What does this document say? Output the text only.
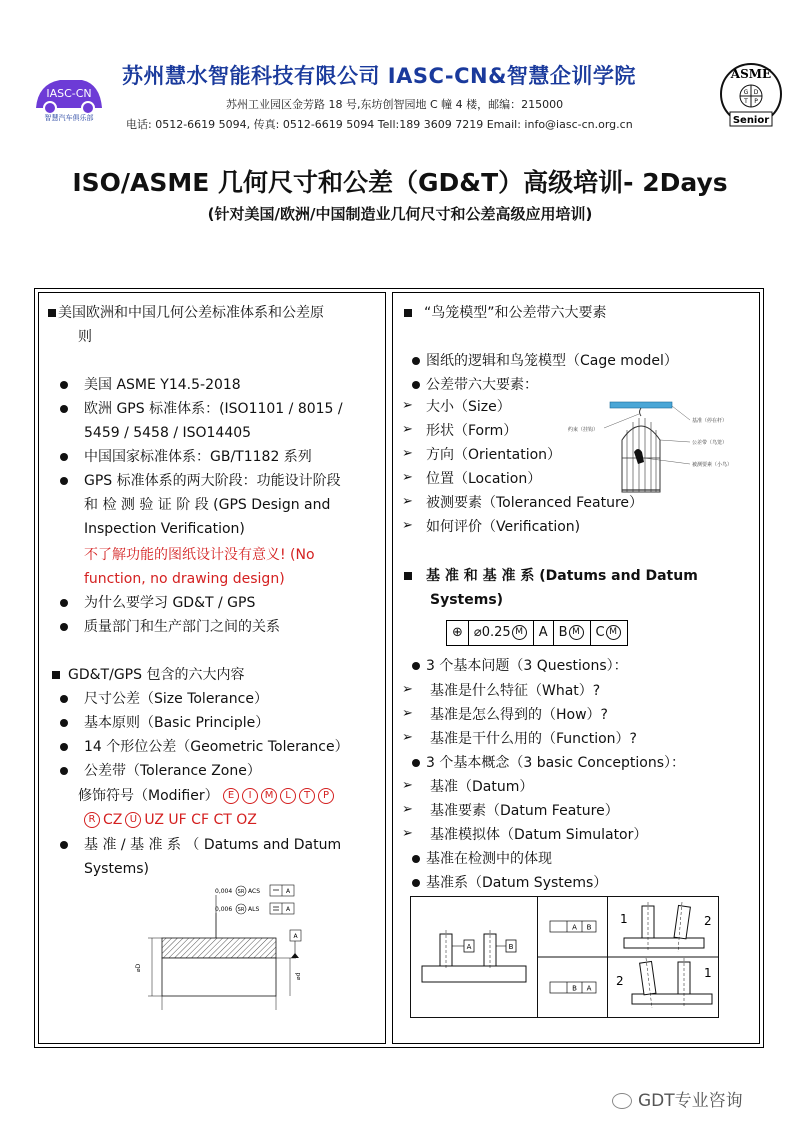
IASC-CN
智慧汽车俱乐部
苏州慧水智能科技有限公司 IASC-CN&智慧企训学院
苏州工业园区金芳路 18 号,东坊创智园地 C 幢 4 楼，邮编：215000
电话: 0512-6619 5094, 传真: 0512-6619 5094 Tell:189 3609 7219 Email: info@iasc-cn.org.cn
ASME
G D
T P
Senior
ISO/ASME 几何尺寸和公差（GD&T）高级培训- 2Days
(针对美国/欧洲/中国制造业几何尺寸和公差高级应用培训)
美国欧洲和中国几何公差标准体系和公差原
则
美国 ASME Y14.5-2018
欧洲 GPS 标准体系：(ISO1101 / 8015 /
5459 / 5458 / ISO14405
中国国家标准体系：GB/T1182 系列
GPS 标准体系的两大阶段：功能设计阶段
和 检 测 验 证 阶 段 (GPS Design and
Inspection Verification)
不了解功能的图纸设计没有意义! (No
function, no drawing design)
为什么要学习 GD&T / GPS
质量部门和生产部门之间的关系
GD&T/GPS 包含的六大内容
尺寸公差（Size Tolerance）
基本原则（Basic Principle）
14 个形位公差（Geometric Tolerance）
公差带（Tolerance Zone）
修饰符号（Modifier） E I M L T P
R CZ U UZ UF CF CT OZ
基 准 / 基 准 系 （ Datums and Datum
Systems)
0,004 SR ACS	A
0,006 SR ALS	A
A
⌀D
⌀d
“鸟笼模型”和公差带六大要素
图纸的逻辑和鸟笼模型（Cage model）
公差带六大要素：
➢ 大小（Size）
➢ 形状（Form）
➢ 方向（Orientation）
➢ 位置（Location）
➢ 被测要素（Toleranced Feature）
➢ 如何评价（Verification)
基准（停在杆）
公差带（鸟笼）
被测要素（小鸟）
约束（挂钩）
基 准 和 基 准 系 (Datums and Datum
Systems)
⊕ ⌀0.25 M	A B M	C M
3 个基本问题（3 Questions）：
➢ 基准是什么特征（What）?
➢ 基准是怎么得到的（How）?
➢ 基准是干什么用的（Function）?
3 个基本概念（3 basic Conceptions）：
➢ 基准（Datum）
➢ 基准要素（Datum Feature）
➢ 基准模拟体（Datum Simulator）
基准在检测中的体现
基准系（Datum Systems）
A	B
A B
B A
1	2
2
1
GDT专业咨询
